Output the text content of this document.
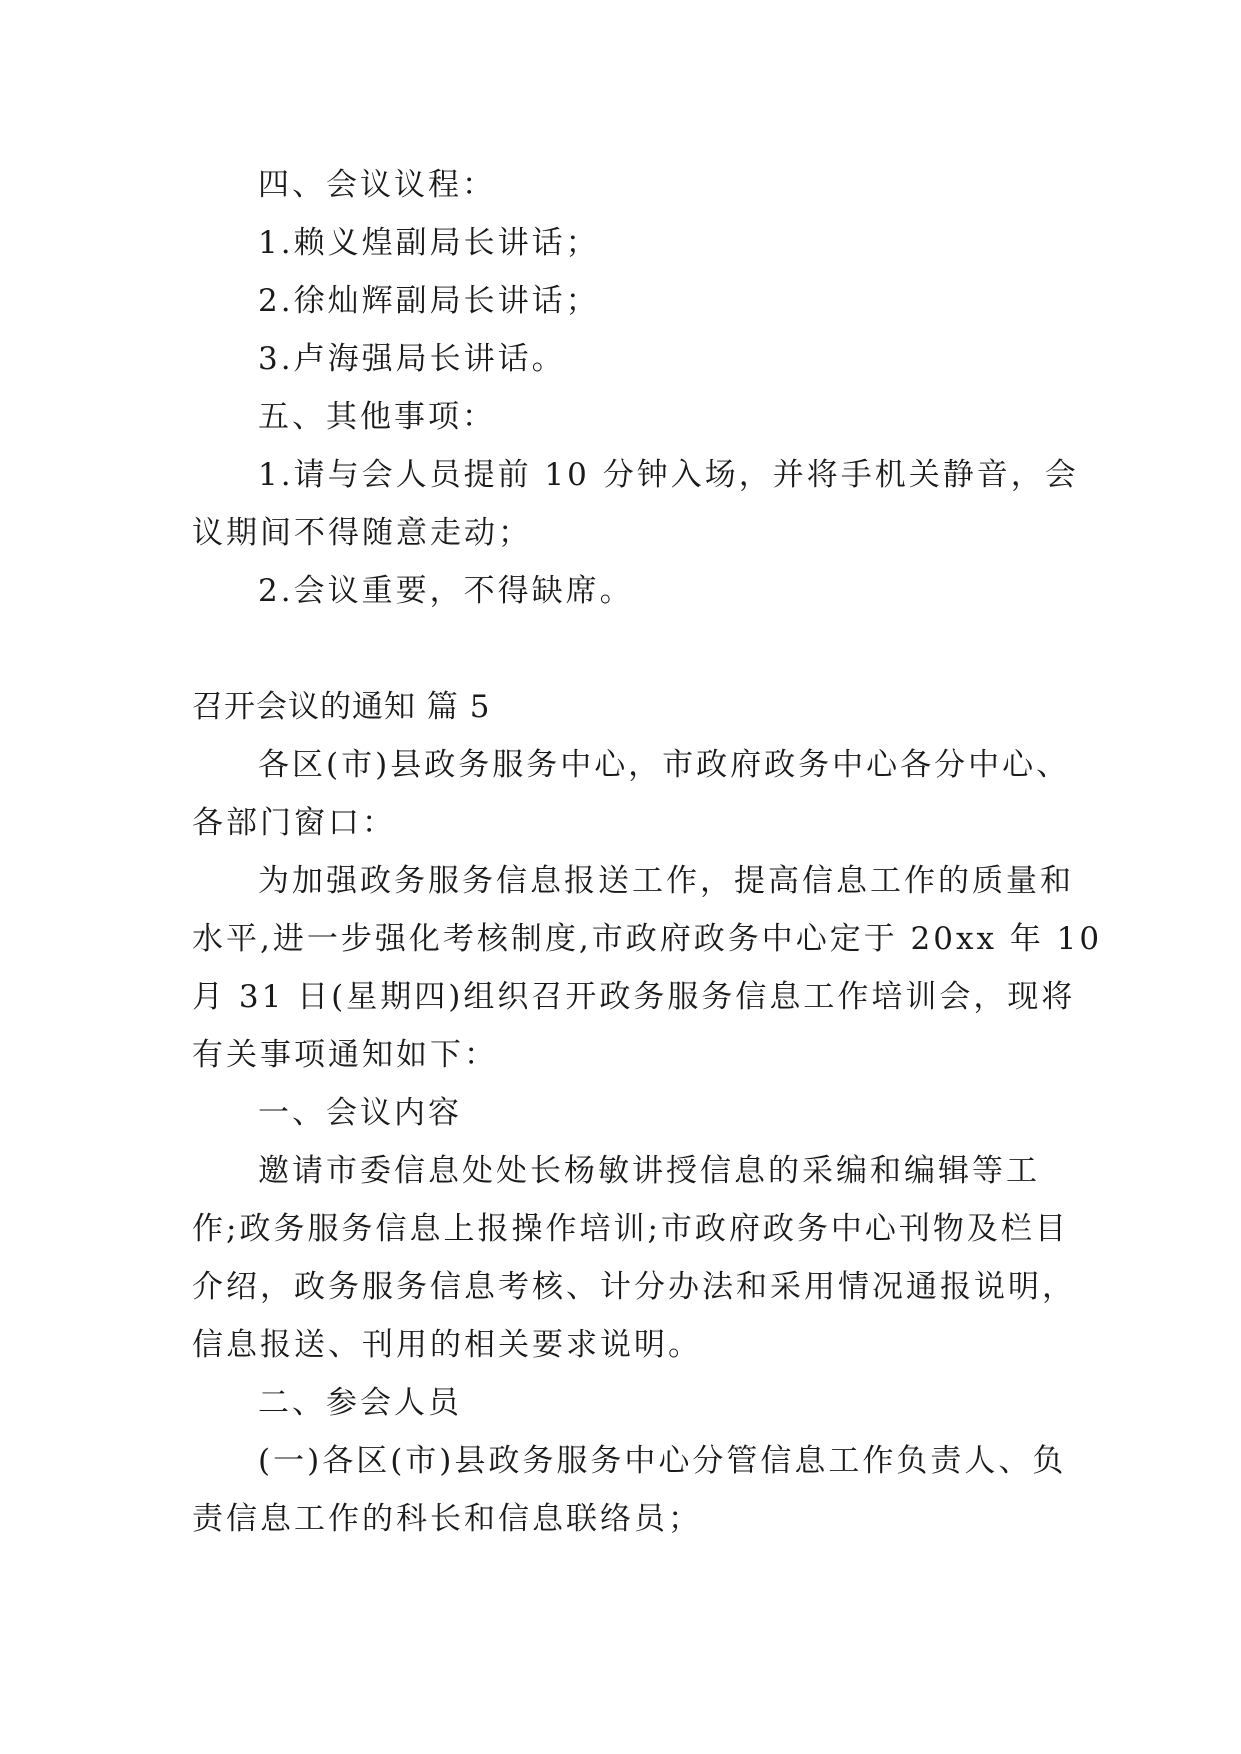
四、会议议程：
1.赖义煌副局长讲话；
2.徐灿辉副局长讲话；
3.卢海强局长讲话。
五、其他事项：
1.请与会人员提前 10 分钟入场，并将手机关静音，会
议期间不得随意走动；
2.会议重要，不得缺席。
召开会议的通知 篇 5
各区(市)县政务服务中心，市政府政务中心各分中心、
各部门窗口：
为加强政务服务信息报送工作，提高信息工作的质量和
水平,进一步强化考核制度,市政府政务中心定于 20xx 年 10
月 31 日(星期四)组织召开政务服务信息工作培训会，现将
有关事项通知如下：
一、会议内容
邀请市委信息处处长杨敏讲授信息的采编和编辑等工
作;政务服务信息上报操作培训;市政府政务中心刊物及栏目
介绍，政务服务信息考核、计分办法和采用情况通报说明，
信息报送、刊用的相关要求说明。
二、参会人员
(一)各区(市)县政务服务中心分管信息工作负责人、负
责信息工作的科长和信息联络员；
